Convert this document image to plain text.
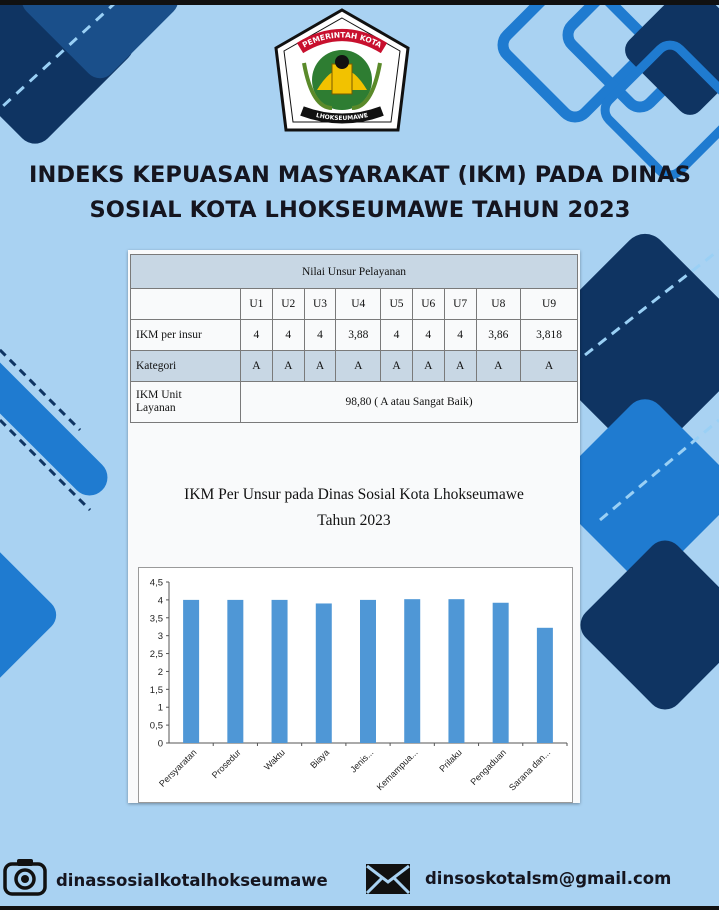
PEMERINTAH KOTA
LHOKSEUMAWE
INDEKS KEPUASAN MASYARAKAT (IKM) PADA DINAS
SOSIAL KOTA LHOKSEUMAWE TAHUN 2023
Nilai Unsur Pelayanan									
	U1	U2	U3	U4	U5	U6	U7	U8	U9
IKM per insur	4	4	4	3,88	4	4	4	3,86	3,818
Kategori	A	A	A	A	A	A	A	A	A
IKM Unit
Layanan	98,80 ( A atau Sangat Baik)								
IKM Per Unsur pada Dinas Sosial Kota Lhokseumawe
Tahun 2023
0
0,5
1
1,5
2
2,5
3
3,5
4
4,5
Persyaratan Prosedur Waktu Biaya Jenis... Kemampua... Prilaku Pengaduan
Sarana dan...
dinassosialkotalhokseumawe	dinsoskotalsm@gmail.com
